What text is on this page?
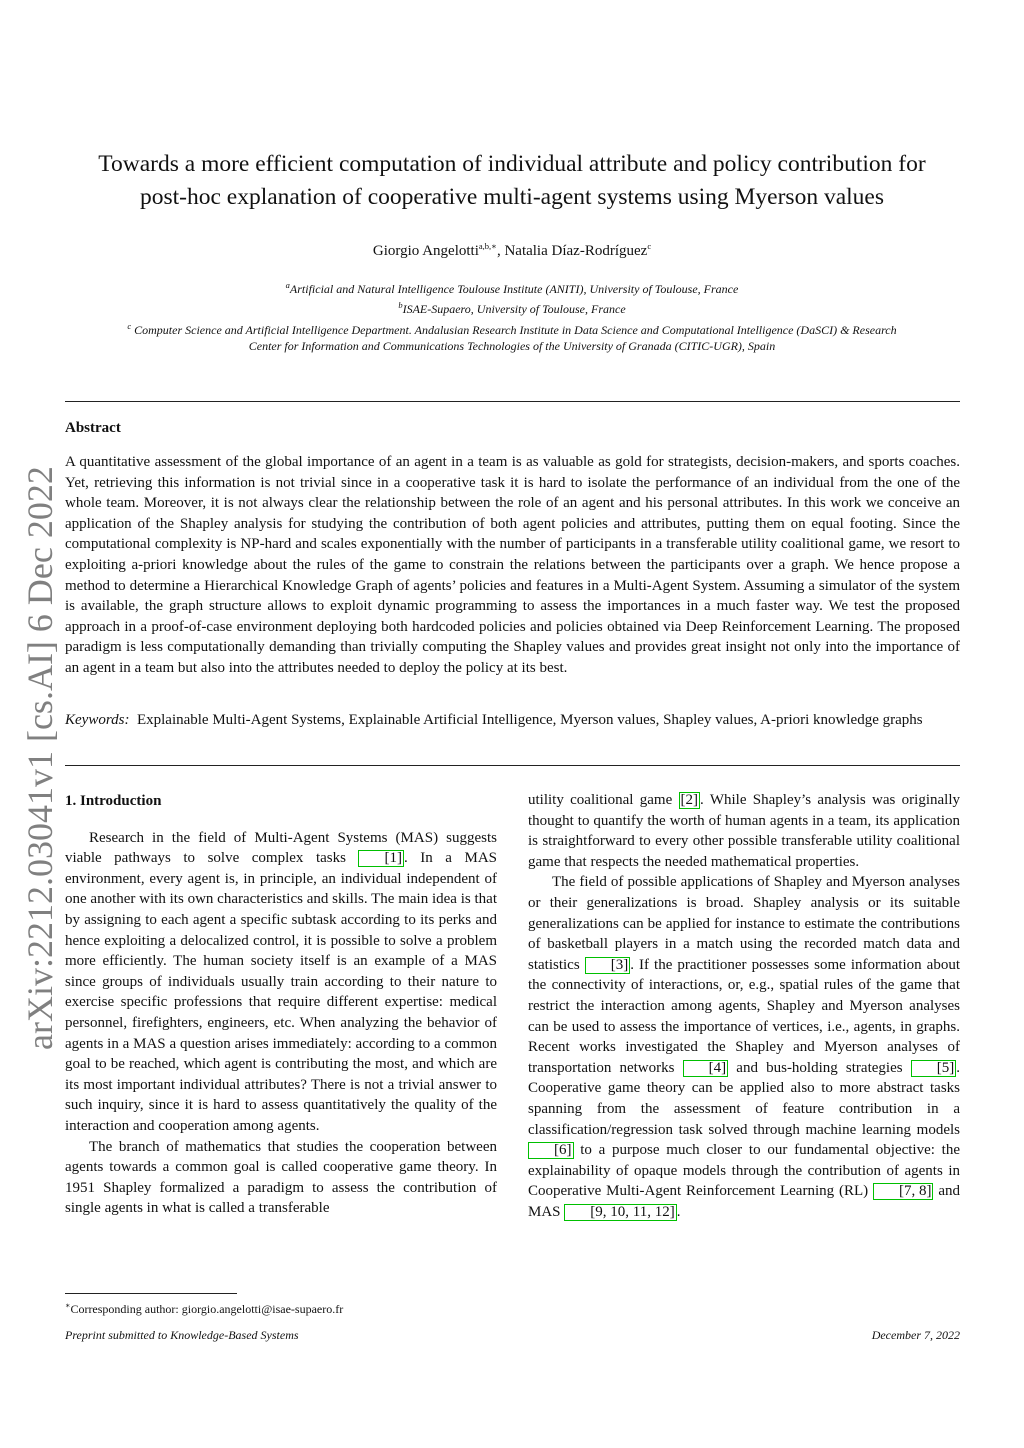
Towards a more efficient computation of individual attribute and policy contribution for
post-hoc explanation of cooperative multi-agent systems using Myerson values
Giorgio Angelotti$^{a,b,∗}$, Natalia Díaz-Rodríguez$^c$
$^a$Artificial and Natural Intelligence Toulouse Institute (ANITI), University of Toulouse, France
$^b$ISAE-Supaero, University of Toulouse, France
$^c$ Computer Science and Artificial Intelligence Department. Andalusian Research Institute in Data Science and Computational Intelligence (DaSCI) & Research
Center for Information and Communications Technologies of the University of Granada (CITIC-UGR), Spain
arXiv:2212.03041v1 [cs.AI] 6 Dec 2022
Abstract

A quantitative assessment of the global importance of an agent in a team is as valuable as gold for strategists, decision-makers, and sports coaches. Yet, retrieving this information is not trivial since in a cooperative task it is hard to isolate the performance of an individual from the one of the whole team. Moreover, it is not always clear the relationship between the role of an agent and his personal attributes. In this work we conceive an application of the Shapley analysis for studying the contribution of both agent policies and attributes, putting them on equal footing. Since the computational complexity is NP-hard and scales exponentially with the number of participants in a transferable utility coalitional game, we resort to exploiting a-priori knowledge about the rules of the game to constrain the relations between the participants over a graph. We hence propose a method to determine a Hierarchical Knowledge Graph of agents’ policies and features in a Multi-Agent System. Assuming a simulator of the system is available, the graph structure allows to exploit dynamic programming to assess the importances in a much faster way. We test the proposed approach in a proof-of-case environment deploying both hardcoded policies and policies obtained via Deep Reinforcement Learning. The proposed paradigm is less computationally demanding than trivially computing the Shapley values and provides great insight not only into the importance of an agent in a team but also into the attributes needed to deploy the policy at its best.

Keywords: Explainable Multi-Agent Systems, Explainable Artificial Intelligence, Myerson values, Shapley values, A-priori knowledge graphs

1. Introduction

Research in the field of Multi-Agent Systems (MAS) suggests viable pathways to solve complex tasks [1] . In a MAS environment, every agent is, in principle, an individual independent of one another with its own characteristics and skills. The main idea is that by assigning to each agent a specific subtask according to its perks and hence exploiting a delocalized control, it is possible to solve a problem more efficiently. The human society itself is an example of a MAS since groups of individuals usually train according to their nature to exercise specific professions that require different expertise: medical personnel, firefighters, engineers, etc. When analyzing the behavior of agents in a MAS a question arises immediately: according to a common goal to be reached, which agent is contributing the most, and which are its most important individual attributes? There is not a trivial answer to such inquiry, since it is hard to assess quantitatively the quality of the interaction and cooperation among agents.

The branch of mathematics that studies the cooperation between agents towards a common goal is called cooperative game theory. In 1951 Shapley formalized a paradigm to assess the contribution of single agents in what is called a transferable

utility coalitional game [2] . While Shapley’s analysis was originally thought to quantify the worth of human agents in a team, its application is straightforward to every other possible transferable utility coalitional game that respects the needed mathematical properties.

The field of possible applications of Shapley and Myerson analyses or their generalizations is broad. Shapley analysis or its suitable generalizations can be applied for instance to estimate the contributions of basketball players in a match using the recorded match data and statistics [3] . If the practitioner possesses some information about the connectivity of interactions, or, e.g., spatial rules of the game that restrict the interaction among agents, Shapley and Myerson analyses can be used to assess the importance of vertices, i.e., agents, in graphs. Recent works investigated the Shapley and Myerson analyses of transportation networks [4] and bus-holding strategies [5] . Cooperative game theory can be applied also to more abstract tasks spanning from the assessment of feature contribution in a classification/regression task solved through machine learning models [6] to a purpose much closer to our fundamental objective: the explainability of opaque models through the contribution of agents in Cooperative Multi-Agent Reinforcement Learning (RL) [7, 8] and MAS [9, 10, 11, 12] .

∗Corresponding author: giorgio.angelotti@isae-supaero.fr
Preprint submitted to Knowledge-Based Systems	December 7, 2022
